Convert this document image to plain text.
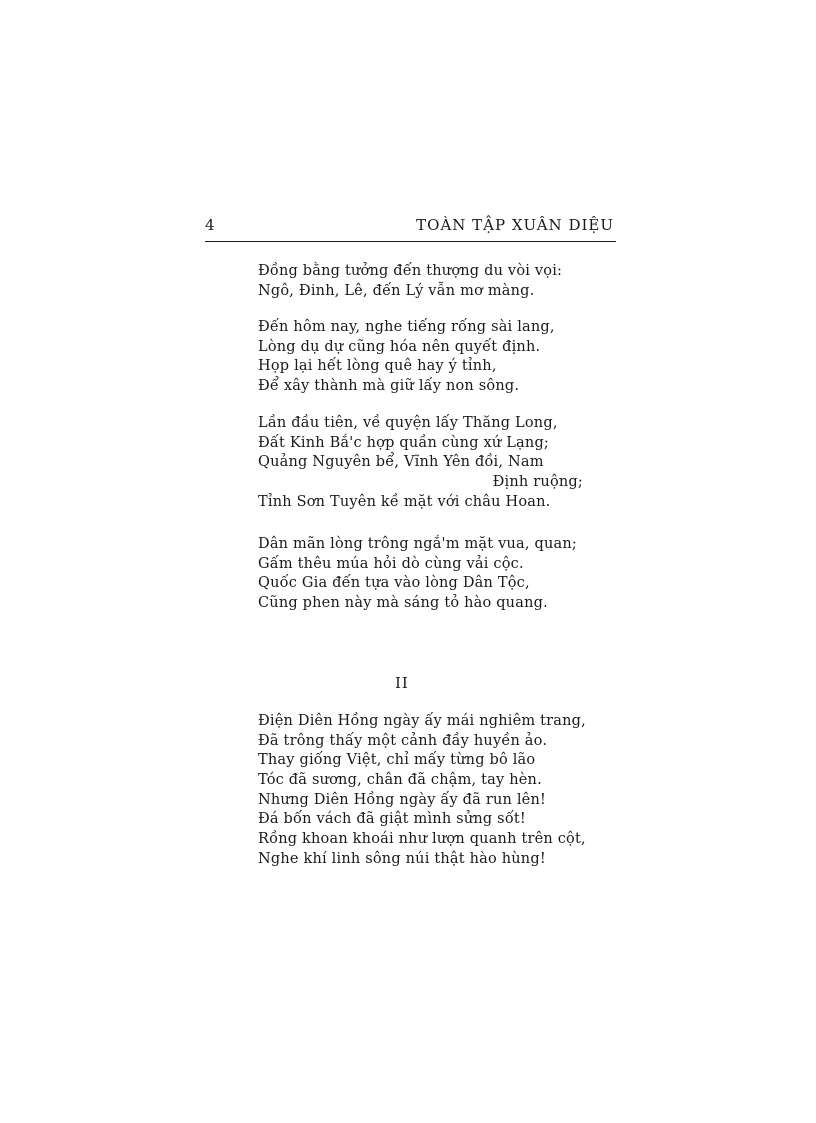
4	TOÀN TẬP XUÂN DIỆU
Đồng bằng tưởng đến thượng du vòi vọi:
Ngô, Đinh, Lê, đến Lý vẫn mơ màng.
Đến hôm nay, nghe tiếng rống sài lang,
Lòng dụ dự cũng hóa nên quyết định.
Họp lại hết lòng quê hay ý tỉnh,
Để xây thành mà giữ lấy non sông.
Lần đầu tiên, về quyện lấy Thăng Long,
Đất Kinh Bắ'c hợp quần cùng xứ Lạng;
Quảng Nguyên bể, Vĩnh Yên đồi, Nam
Định ruộng;
Tỉnh Sơn Tuyên kề mặt với châu Hoan.
Dân mãn lòng trông ngắ'm mặt vua, quan;
Gấm thêu múa hỏi dò cùng vải cộc.
Quốc Gia đến tựa vào lòng Dân Tộc,
Cũng phen này mà sáng tỏ hào quang.
II
Điện Diên Hồng ngày ấy mái nghiêm trang,
Đã trông thấy một cảnh đầy huyền ảo.
Thay giống Việt, chỉ mấy từng bô lão
Tóc đã sương, chân đã chậm, tay hèn.
Nhưng Diên Hồng ngày ấy đã run lên!
Đá bốn vách đã giật mình sửng sốt!
Rồng khoan khoái như lượn quanh trên cột,
Nghe khí linh sông núi thật hào hùng!
